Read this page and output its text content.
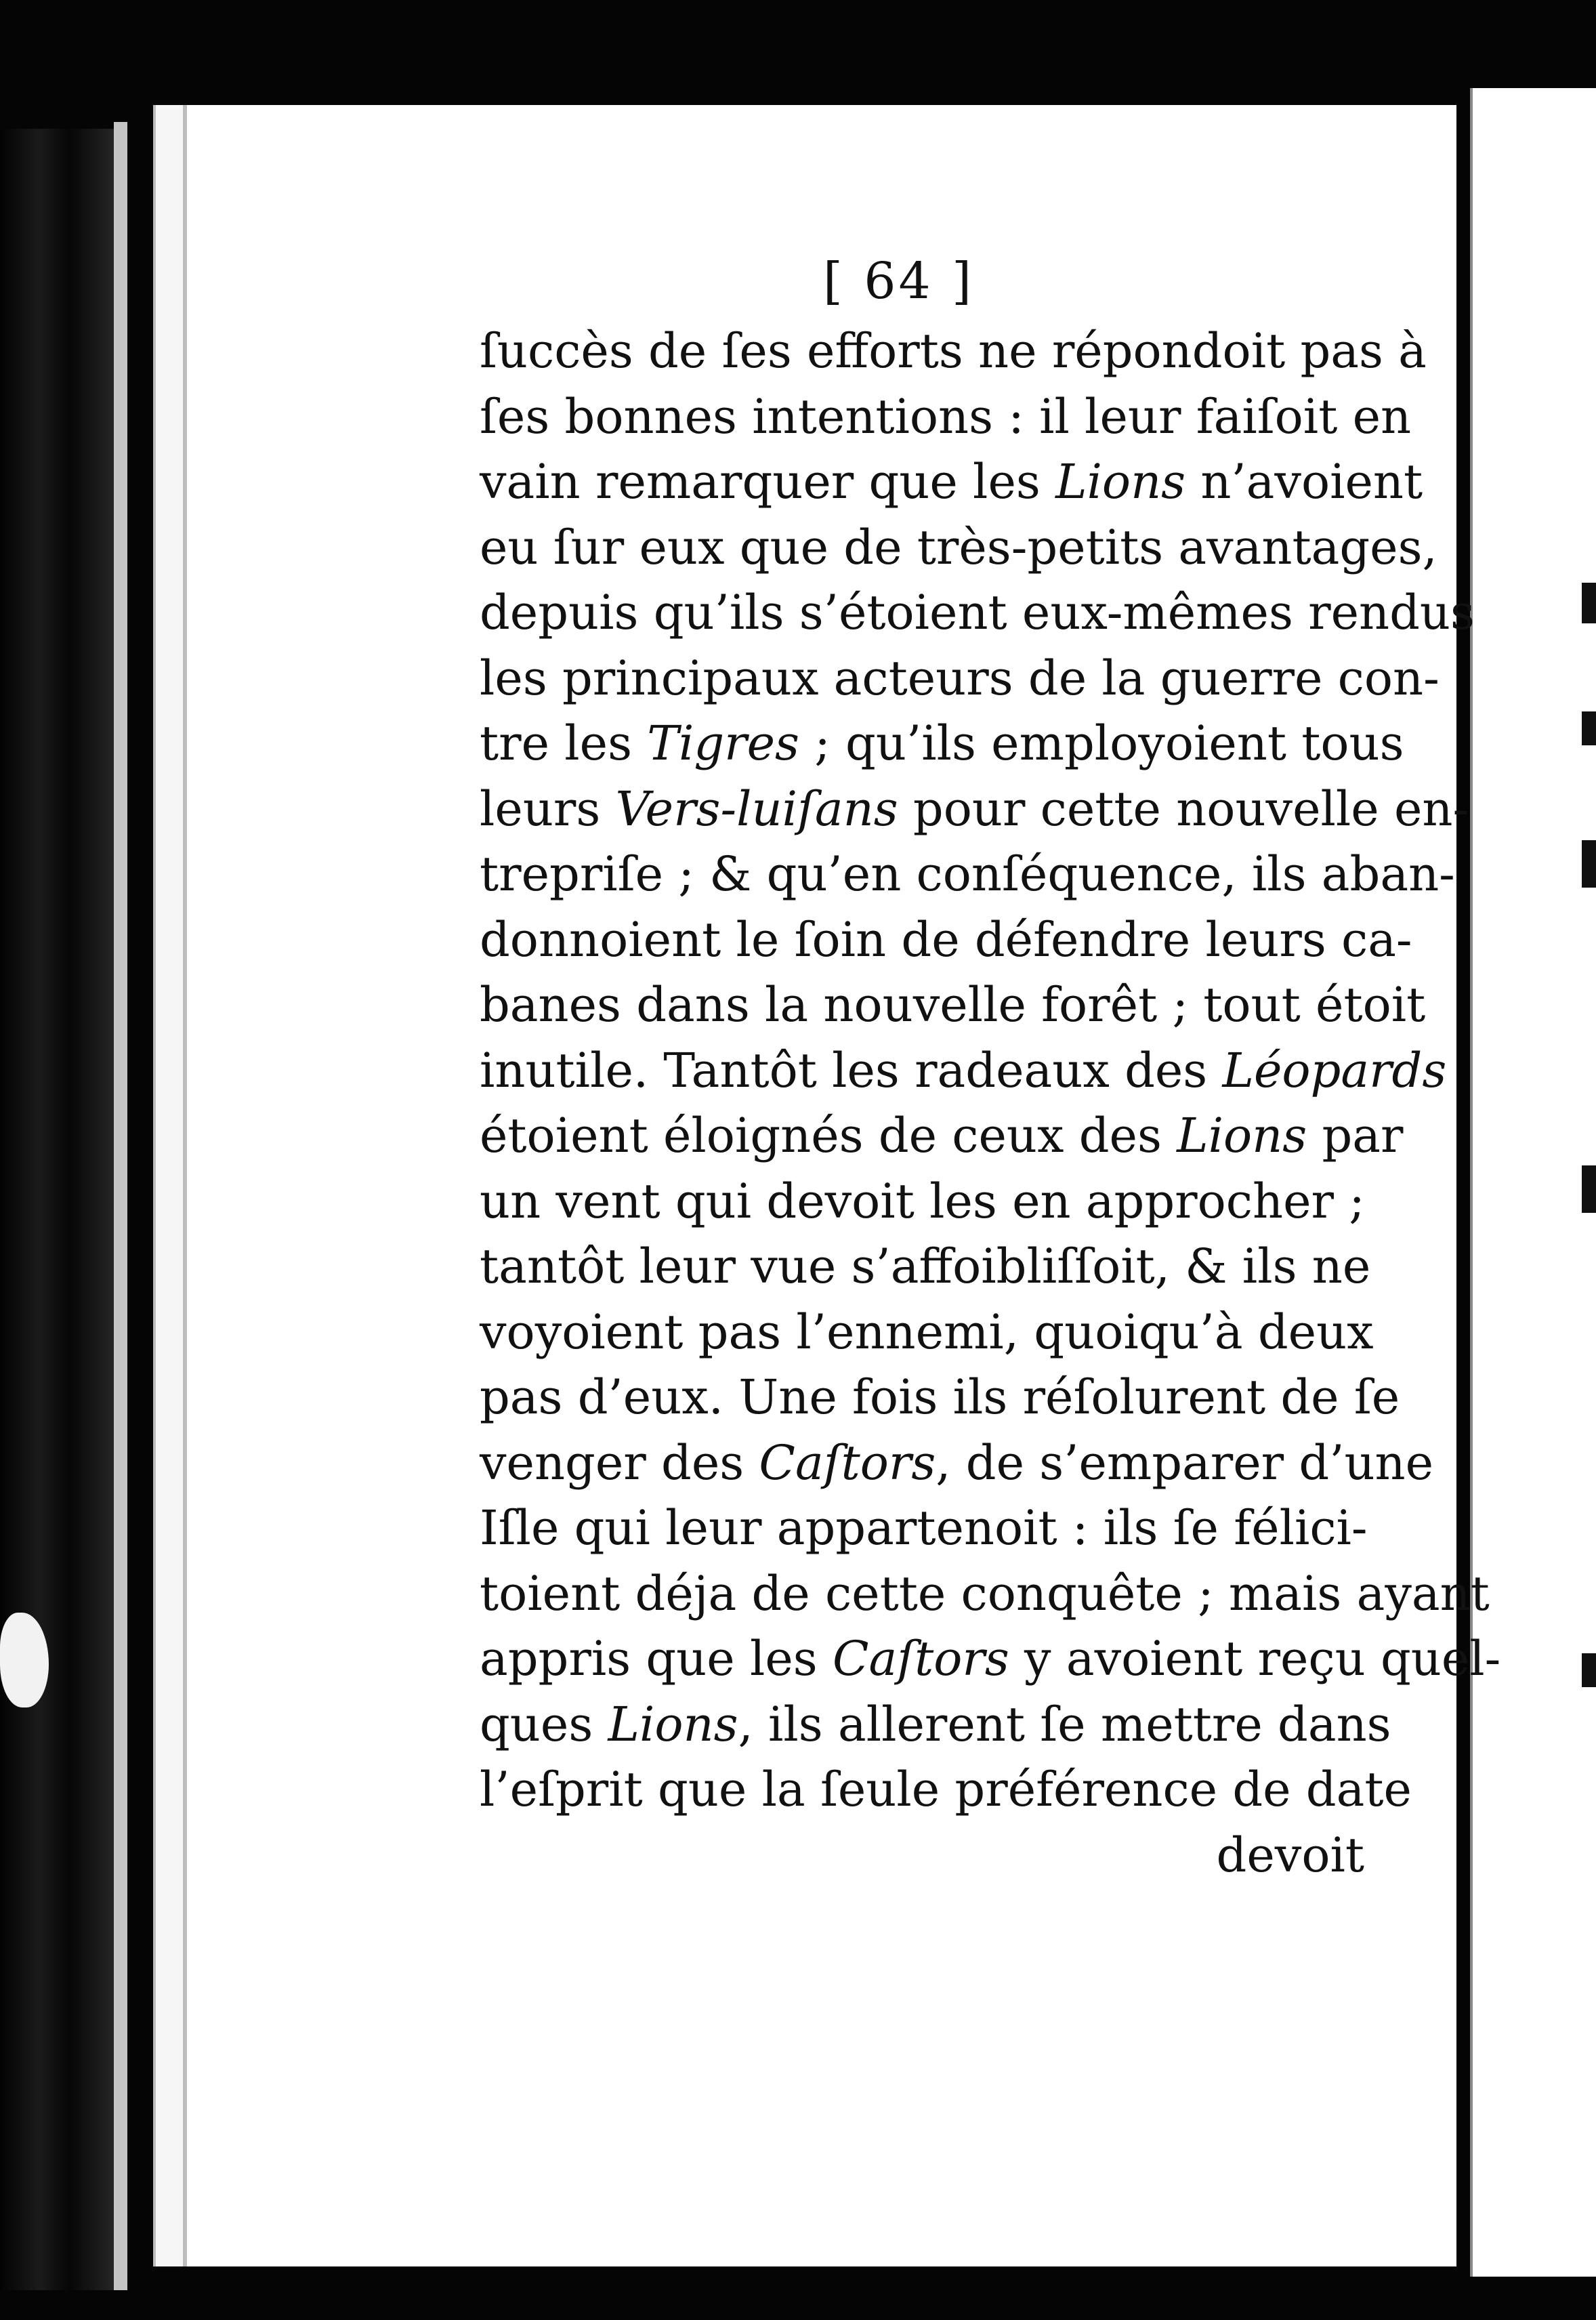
[ 64 ]
ſuccès de ſes efforts ne répondoit pas à
ſes bonnes intentions : il leur faiſoit en
vain remarquer que les Lions n’avoient
eu ſur eux que de très-petits avantages,
depuis qu’ils s’étoient eux-mêmes rendus
les principaux acteurs de la guerre con-
tre les Tigres ; qu’ils employoient tous
leurs Vers-luiſans pour cette nouvelle en-
trepriſe ; & qu’en conſéquence, ils aban-
donnoient le ſoin de défendre leurs ca-
banes dans la nouvelle forêt ; tout étoit
inutile. Tantôt les radeaux des Léopards
étoient éloignés de ceux des Lions par
un vent qui devoit les en approcher ;
tantôt leur vue s’affoibliſſoit, & ils ne
voyoient pas l’ennemi, quoiqu’à deux
pas d’eux. Une fois ils réſolurent de ſe
venger des Caſtors, de s’emparer d’une
Iſle qui leur appartenoit : ils ſe félici-
toient déja de cette conquête ; mais ayant
appris que les Caſtors y avoient reçu quel-
ques Lions, ils allerent ſe mettre dans
l’eſprit que la ſeule préférence de date
devoit
